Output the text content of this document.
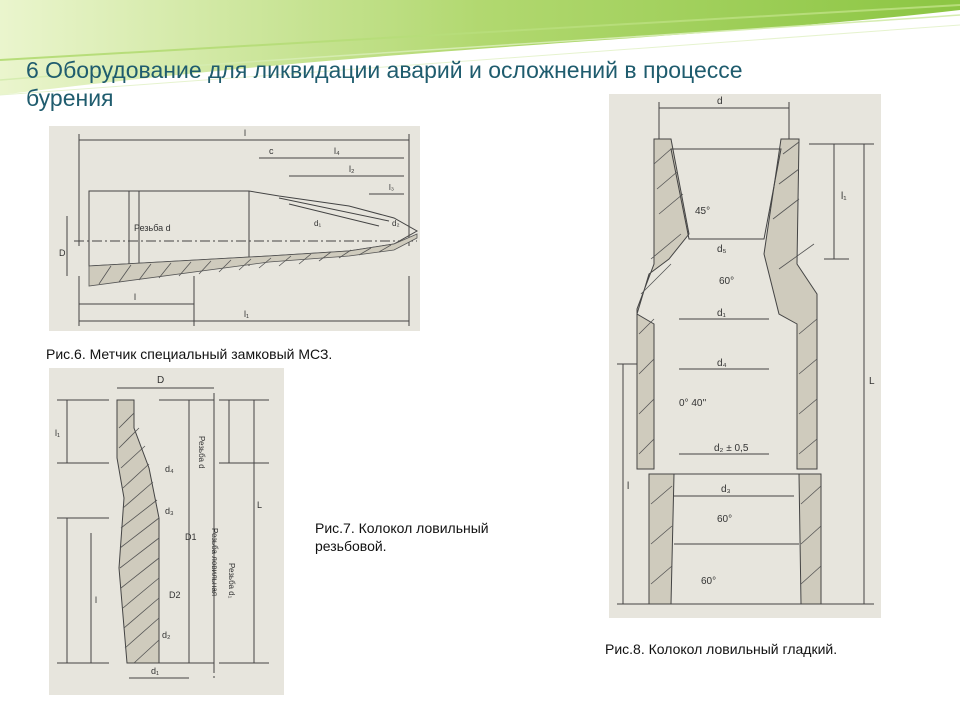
6 Оборудование для ликвидации аварий и осложнений в процессе
бурения
l
c	l₄
l₂
l₃
Резьба d
D
d₁	d₂
l
l₁
Рис.6. Метчик специальный замковый МСЗ.
D
l₁
Резьба d
d₄
d₃
D1 Резьба ловильная Резьба d₁
D2
d₂
d₁
l
L
Рис.7. Колокол ловильный
резьбовой.
d
l₁
45°
d₅
60°
d₁
L
d₄
0° 40''
l
d₂ ± 0,5
d₃
60°
60°
Рис.8. Колокол ловильный гладкий.
